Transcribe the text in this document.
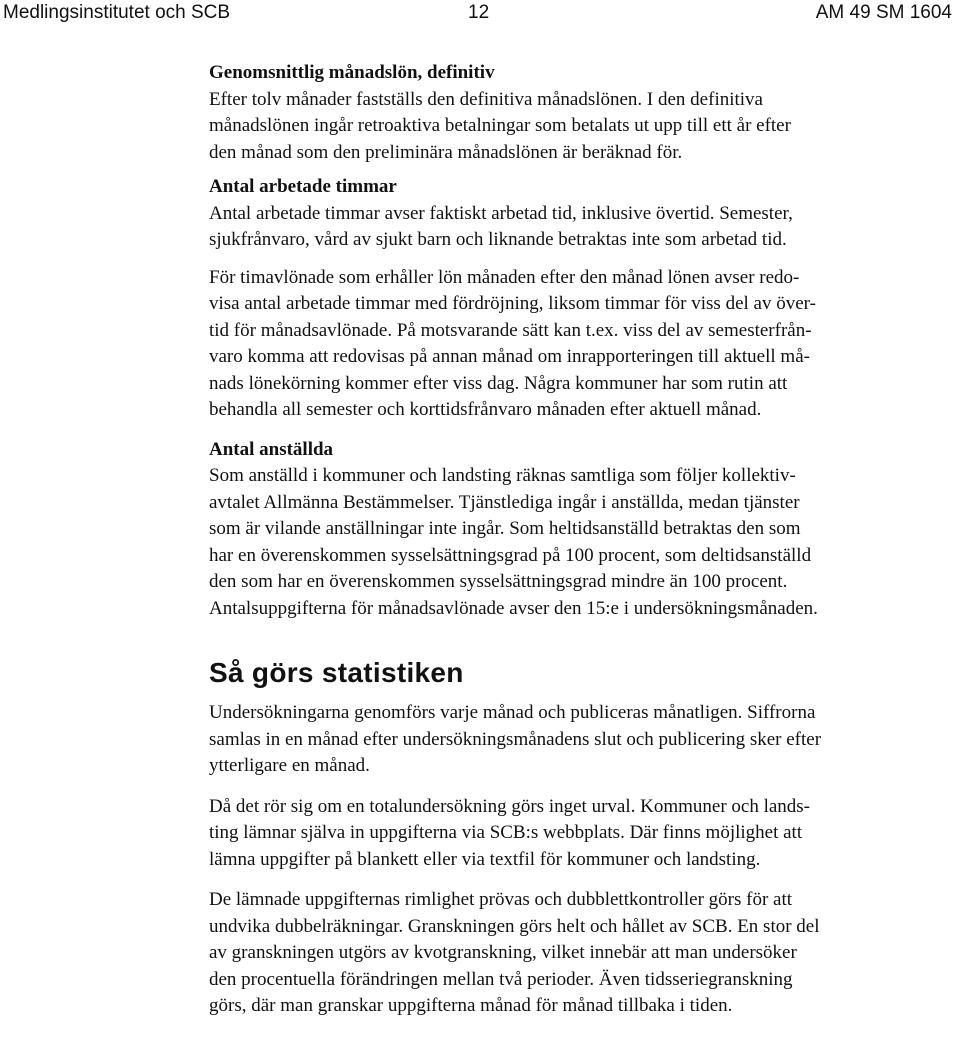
Medlingsinstitutet och SCB	12	AM 49 SM 1604
Genomsnittlig månadslön, definitiv
Efter tolv månader fastställs den definitiva månadslönen. I den definitiva
månadslönen ingår retroaktiva betalningar som betalats ut upp till ett år efter
den månad som den preliminära månadslönen är beräknad för.
Antal arbetade timmar
Antal arbetade timmar avser faktiskt arbetad tid, inklusive övertid. Semester,
sjukfrånvaro, vård av sjukt barn och liknande betraktas inte som arbetad tid.
För timavlönade som erhåller lön månaden efter den månad lönen avser redo-
visa antal arbetade timmar med fördröjning, liksom timmar för viss del av över-
tid för månadsavlönade. På motsvarande sätt kan t.ex. viss del av semesterfrån-
varo komma att redovisas på annan månad om inrapporteringen till aktuell må-
nads lönekörning kommer efter viss dag. Några kommuner har som rutin att
behandla all semester och korttidsfrånvaro månaden efter aktuell månad.
Antal anställda
Som anställd i kommuner och landsting räknas samtliga som följer kollektiv-
avtalet Allmänna Bestämmelser. Tjänstlediga ingår i anställda, medan tjänster
som är vilande anställningar inte ingår. Som heltidsanställd betraktas den som
har en överenskommen sysselsättningsgrad på 100 procent, som deltidsanställd
den som har en överenskommen sysselsättningsgrad mindre än 100 procent.
Antalsuppgifterna för månadsavlönade avser den 15:e i undersökningsmånaden.
Så görs statistiken
Undersökningarna genomförs varje månad och publiceras månatligen. Siffrorna
samlas in en månad efter undersökningsmånadens slut och publicering sker efter
ytterligare en månad.
Då det rör sig om en totalundersökning görs inget urval. Kommuner och lands-
ting lämnar själva in uppgifterna via SCB:s webbplats. Där finns möjlighet att
lämna uppgifter på blankett eller via textfil för kommuner och landsting.
De lämnade uppgifternas rimlighet prövas och dubblettkontroller görs för att
undvika dubbelräkningar. Granskningen görs helt och hållet av SCB. En stor del
av granskningen utgörs av kvotgranskning, vilket innebär att man undersöker
den procentuella förändringen mellan två perioder. Även tidsseriegranskning
görs, där man granskar uppgifterna månad för månad tillbaka i tiden.
